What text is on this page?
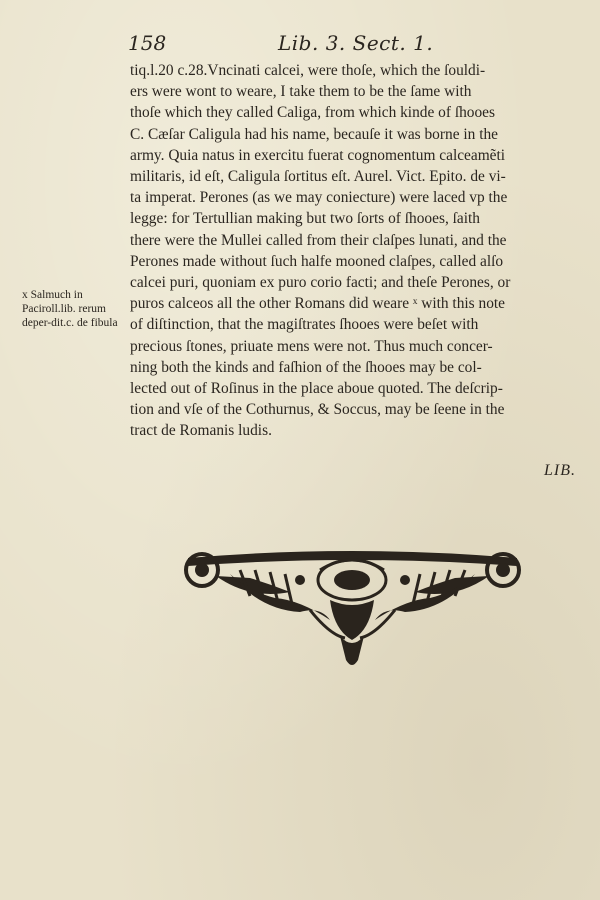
158	Lib. 3. Sect. 1.
tiq.l.20 c.28.Vncinati calcei, were thoſe, which the ſouldi-
ers were wont to weare, I take them to be the ſame with
thoſe which they called Caliga, from which kinde of ſhooes
C. Cæſar Caligula had his name, becauſe it was borne in the
army. Quia natus in exercitu fuerat cognomentum calceamẽti
militaris, id eſt, Caligula ſortitus eſt. Aurel. Vict. Epito. de vi-
ta imperat. Perones (as we may coniecture) were laced vp the
legge: for Tertullian making but two ſorts of ſhooes, ſaith
there were the Mullei called from their claſpes lunati, and the
Perones made without ſuch halfe mooned claſpes, called alſo
calcei puri, quoniam ex puro corio facti; and theſe Perones, or
puros calceos all the other Romans did weare ˣ with this note
of diſtinction, that the magiſtrates ſhooes were beſet with
precious ſtones, priuate mens were not. Thus much concer-
ning both the kinds and faſhion of the ſhooes may be col-
lected out of Roſinus in the place aboue quoted. The deſcrip-
tion and vſe of the Cothurnus, & Soccus, may be ſeene in the
tract de Romanis ludis.
x Salmuch in Paciroll.lib. rerum deper-dit.c. de fibula
LIB.
